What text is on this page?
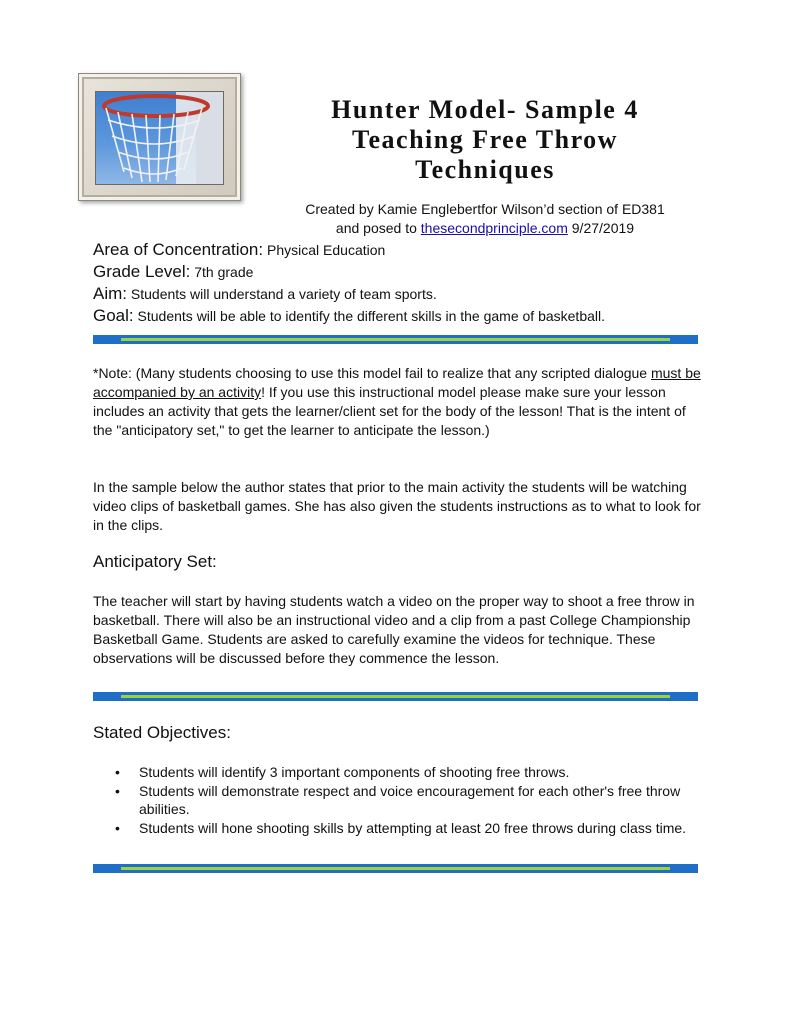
Hunter Model- Sample 4
Teaching Free Throw
Techniques
Created by Kamie Englebertfor Wilson’d section of ED381
and posed to thesecondprinciple.com 9/27/2019
Area of Concentration: Physical Education
Grade Level: 7th grade
Aim: Students will understand a variety of team sports.
Goal: Students will be able to identify the different skills in the game of basketball.
*Note: (Many students choosing to use this model fail to realize that any scripted dialogue must be accompanied by an activity! If you use this instructional model please make sure your lesson includes an activity that gets the learner/client set for the body of the lesson! That is the intent of the "anticipatory set," to get the learner to anticipate the lesson.)
In the sample below the author states that prior to the main activity the students will be watching video clips of basketball games. She has also given the students instructions as to what to look for in the clips.
Anticipatory Set:
The teacher will start by having students watch a video on the proper way to shoot a free throw in basketball. There will also be an instructional video and a clip from a past College Championship Basketball Game. Students are asked to carefully examine the videos for technique. These observations will be discussed before they commence the lesson.
Stated Objectives:
• Students will identify 3 important components of shooting free throws.
• Students will demonstrate respect and voice encouragement for each other's free throw abilities.
• Students will hone shooting skills by attempting at least 20 free throws during class time.
